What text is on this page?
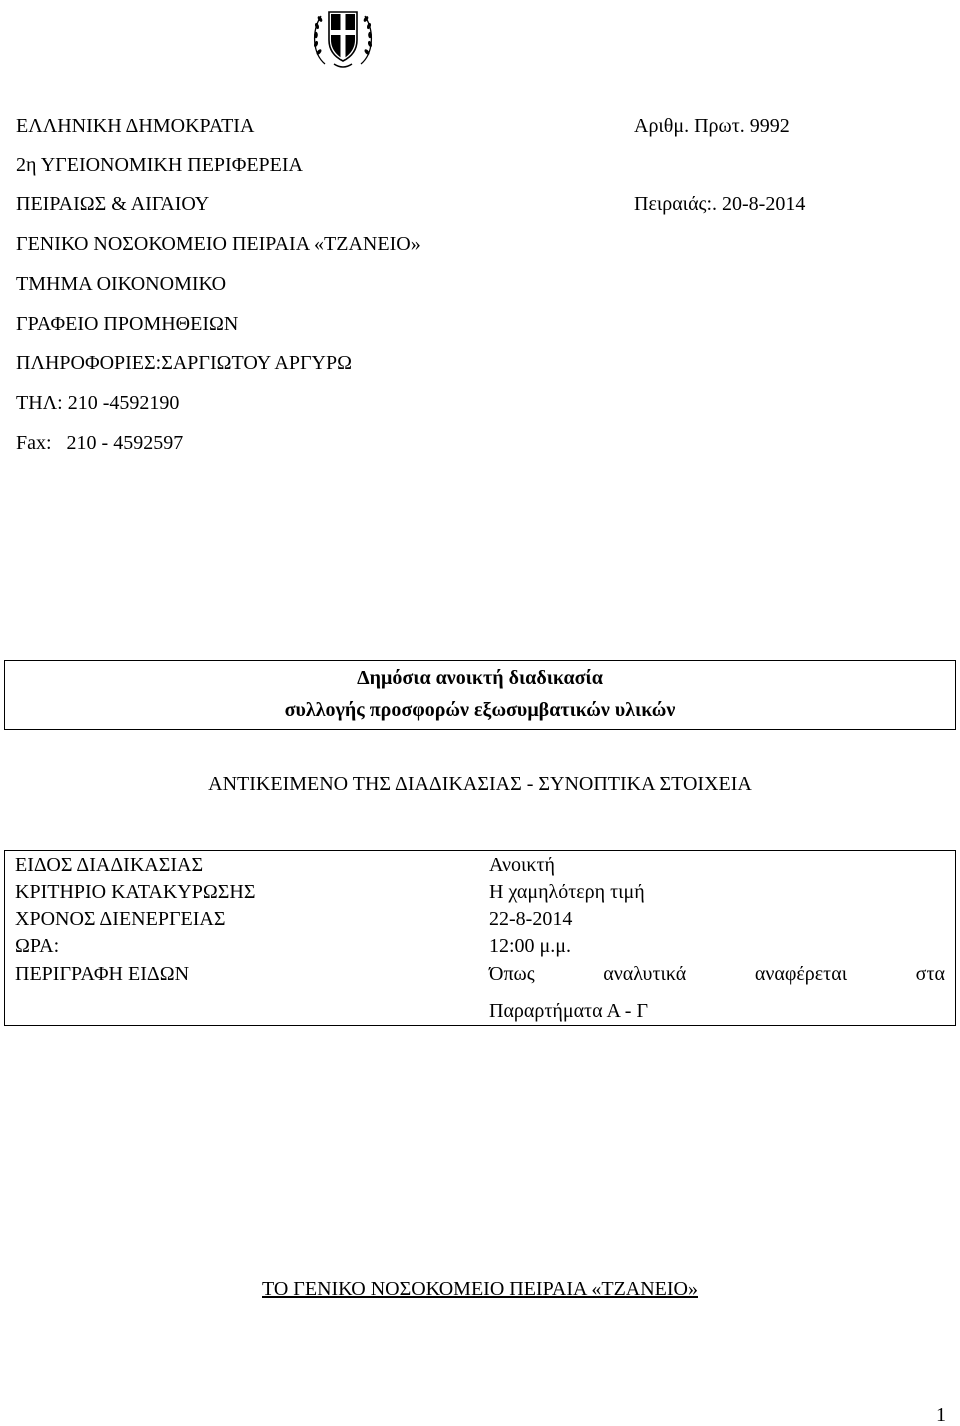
ΕΛΛΗΝΙΚΗ ΔΗΜΟΚΡΑΤΙΑ
2η ΥΓΕΙΟΝΟΜΙΚΗ ΠΕΡΙΦΕΡΕΙΑ
ΠΕΙΡΑΙΩΣ & ΑΙΓΑΙΟΥ
ΓΕΝΙΚΟ ΝΟΣΟΚΟΜΕΙΟ ΠΕΙΡΑΙΑ «ΤΖΑΝΕΙΟ»
ΤΜΗΜΑ ΟΙΚΟΝΟΜΙΚΟ
ΓΡΑΦΕΙΟ ΠΡΟΜΗΘΕΙΩΝ
ΠΛΗΡΟΦΟΡΙΕΣ:ΣΑΡΓΙΩΤΟΥ ΑΡΓΥΡΩ
ΤΗΛ: 210 -4592190
Fax:   210 - 4592597
Αριθμ. Πρωτ. 9992
Πειραιάς:. 20-8-2014
Δημόσια ανοικτή διαδικασία
συλλογής προσφορών εξωσυμβατικών υλικών
ΑΝΤΙΚΕΙΜΕΝΟ ΤΗΣ ΔΙΑΔΙΚΑΣΙΑΣ - ΣΥΝΟΠΤΙΚΑ ΣΤΟΙΧΕΙΑ
ΕΙΔΟΣ ΔΙΑΔΙΚΑΣΙΑΣ	Ανοικτή
ΚΡΙΤΗΡΙΟ ΚΑΤΑΚΥΡΩΣΗΣ	Η χαμηλότερη τιμή
ΧΡΟΝΟΣ ΔΙΕΝΕΡΓΕΙΑΣ	22-8-2014
ΩΡΑ:	12:00 μ.μ.
ΠΕΡΙΓΡΑΦΗ ΕΙΔΩΝ	Όπως	αναλυτικά	αναφέρεται	στα
Παραρτήματα Α - Γ
ΤΟ ΓΕΝΙΚΟ ΝΟΣΟΚΟΜΕΙΟ ΠΕΙΡΑΙΑ «ΤΖΑΝΕΙΟ»
1
